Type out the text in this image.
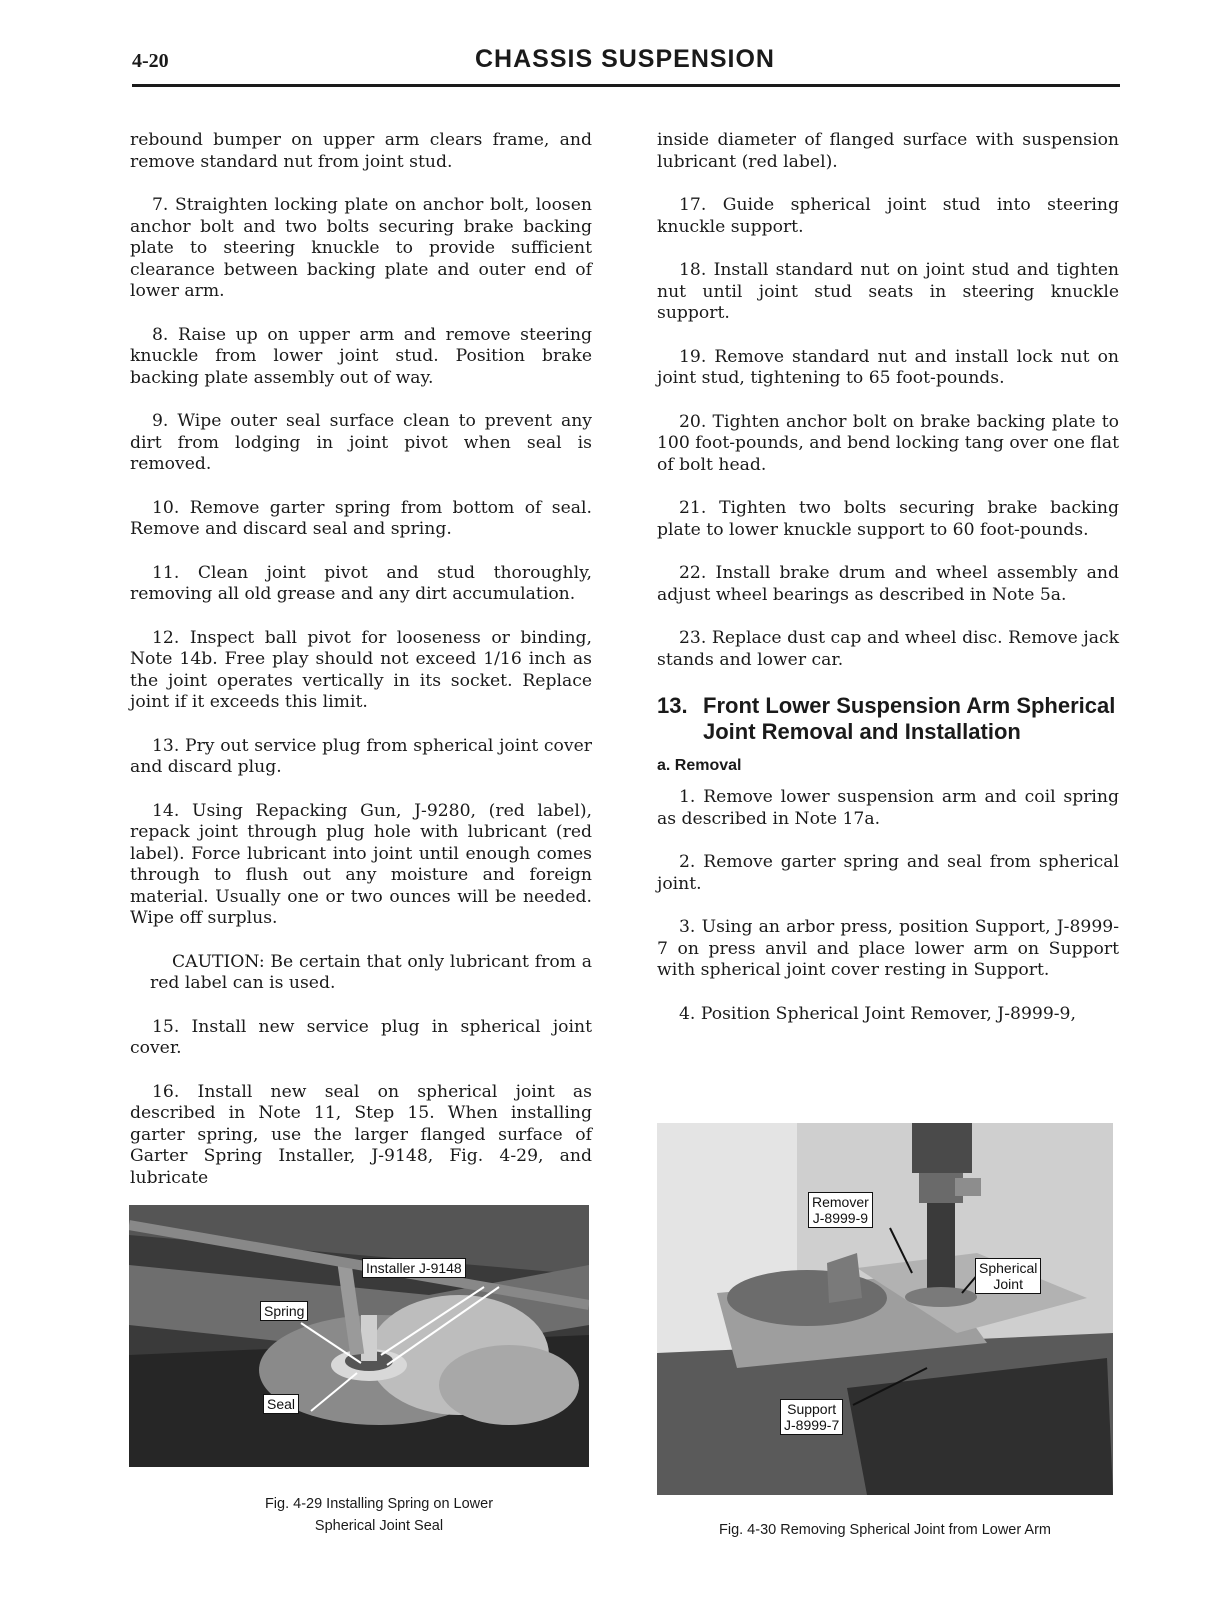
4-20	CHASSIS SUSPENSION

rebound bumper on upper arm clears frame, and remove standard nut from joint stud.

7. Straighten locking plate on anchor bolt, loosen anchor bolt and two bolts securing brake backing plate to steering knuckle to provide sufficient clearance between backing plate and outer end of lower arm.

8. Raise up on upper arm and remove steering knuckle from lower joint stud. Position brake backing plate assembly out of way.

9. Wipe outer seal surface clean to prevent any dirt from lodging in joint pivot when seal is removed.

10. Remove garter spring from bottom of seal. Remove and discard seal and spring.

11. Clean joint pivot and stud thoroughly, removing all old grease and any dirt accumulation.

12. Inspect ball pivot for looseness or binding, Note 14b. Free play should not exceed 1/16 inch as the joint operates vertically in its socket. Replace joint if it exceeds this limit.

13. Pry out service plug from spherical joint cover and discard plug.

14. Using Repacking Gun, J-9280, (red label), repack joint through plug hole with lubricant (red label). Force lubricant into joint until enough comes through to flush out any moisture and foreign material. Usually one or two ounces will be needed. Wipe off surplus.

CAUTION: Be certain that only lubricant from a red label can is used.

15. Install new service plug in spherical joint cover.

16. Install new seal on spherical joint as described in Note 11, Step 15. When installing garter spring, use the larger flanged surface of Garter Spring Installer, J-9148, Fig. 4-29, and lubricate

inside diameter of flanged surface with suspension lubricant (red label).

17. Guide spherical joint stud into steering knuckle support.

18. Install standard nut on joint stud and tighten nut until joint stud seats in steering knuckle support.

19. Remove standard nut and install lock nut on joint stud, tightening to 65 foot-pounds.

20. Tighten anchor bolt on brake backing plate to 100 foot-pounds, and bend locking tang over one flat of bolt head.

21. Tighten two bolts securing brake backing plate to lower knuckle support to 60 foot-pounds.

22. Install brake drum and wheel assembly and adjust wheel bearings as described in Note 5a.

23. Replace dust cap and wheel disc. Remove jack stands and lower car.

13. Front Lower Suspension Arm Spherical Joint Removal and Installation
a. Removal

1. Remove lower suspension arm and coil spring as described in Note 17a.

2. Remove garter spring and seal from spherical joint.

3. Using an arbor press, position Support, J-8999-7 on press anvil and place lower arm on Support with spherical joint cover resting in Support.

4. Position Spherical Joint Remover, J-8999-9,

Installer J-9148
Spring
Seal
Fig. 4-29 Installing Spring on Lower
Spherical Joint Seal
Remover
J-8999-9
Spherical
Joint
Support
J-8999-7
Fig. 4-30 Removing Spherical Joint from Lower Arm
